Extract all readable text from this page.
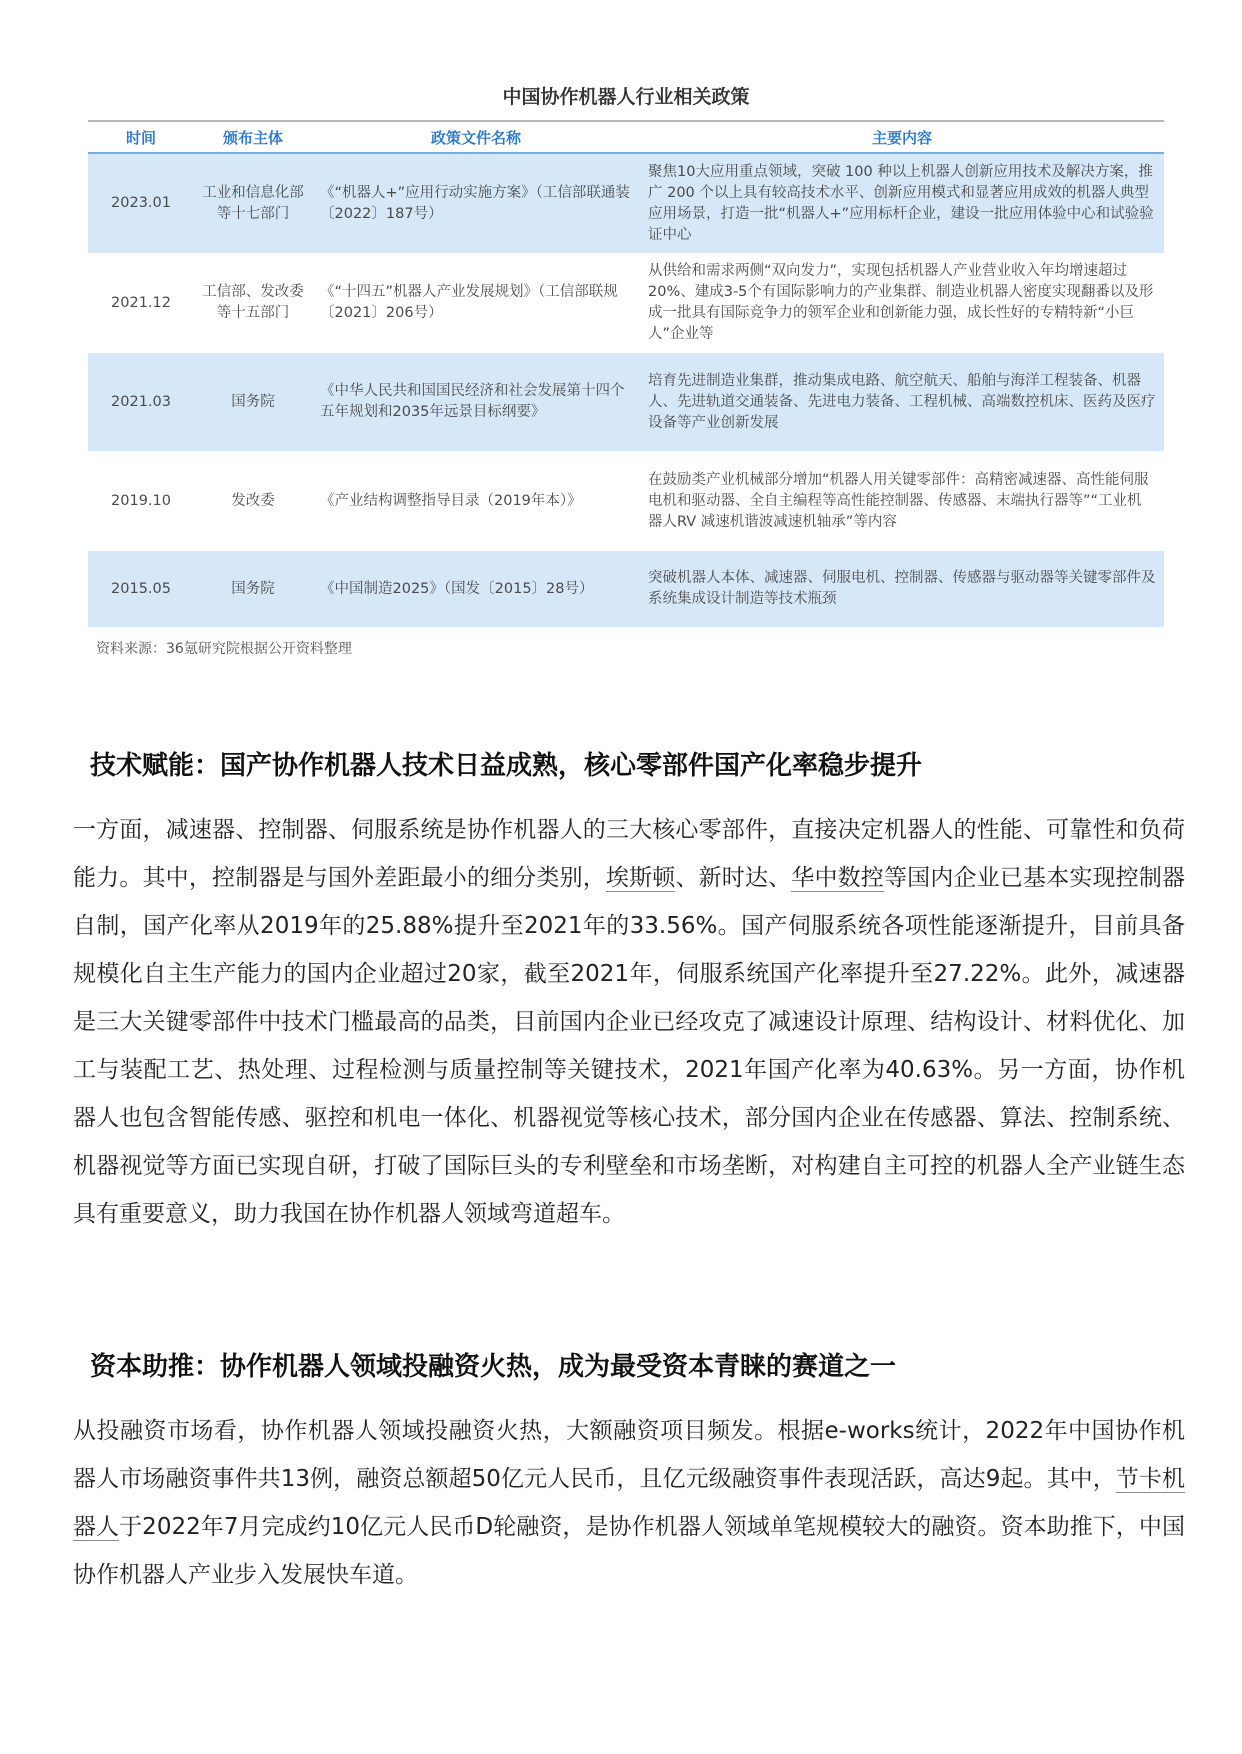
中国协作机器人行业相关政策
时间	颁布主体	政策文件名称	主要内容
2023.01	工业和信息化部等十七部门	《“机器人+”应用行动实施方案》（工信部联通装〔2022〕187号）	聚焦10大应用重点领域，突破 100 种以上机器人创新应用技术及解决方案，推广 200 个以上具有较高技术水平、创新应用模式和显著应用成效的机器人典型应用场景，打造一批“机器人+”应用标杆企业，建设一批应用体验中心和试验验证中心
2021.12	工信部、发改委等十五部门	《“十四五”机器人产业发展规划》（工信部联规〔2021〕206号）	从供给和需求两侧“双向发力”，实现包括机器人产业营业收入年均增速超过20%、建成3-5个有国际影响力的产业集群、制造业机器人密度实现翻番以及形成一批具有国际竞争力的领军企业和创新能力强，成长性好的专精特新“小巨人”企业等
2021.03	国务院	《中华人民共和国国民经济和社会发展第十四个五年规划和2035年远景目标纲要》	培育先进制造业集群，推动集成电路、航空航天、船舶与海洋工程装备、机器人、先进轨道交通装备、先进电力装备、工程机械、高端数控机床、医药及医疗设备等产业创新发展
2019.10	发改委	《产业结构调整指导目录（2019年本）》	在鼓励类产业机械部分增加“机器人用关键零部件：高精密减速器、高性能伺服电机和驱动器、全自主编程等高性能控制器、传感器、末端执行器等”“工业机器人RV 减速机谐波减速机轴承”等内容
2015.05	国务院	《中国制造2025》（国发〔2015〕28号）	突破机器人本体、减速器、伺服电机、控制器、传感器与驱动器等关键零部件及系统集成设计制造等技术瓶颈
资料来源：36氪研究院根据公开资料整理
技术赋能：国产协作机器人技术日益成熟，核心零部件国产化率稳步提升

一方面，减速器、控制器、伺服系统是协作机器人的三大核心零部件，直接决定机器人的性能、可靠性和负荷能力。其中，控制器是与国外差距最小的细分类别，埃斯顿、新时达、华中数控等国内企业已基本实现控制器自制，国产化率从2019年的25.88%提升至2021年的33.56%。国产伺服系统各项性能逐渐提升，目前具备规模化自主生产能力的国内企业超过20家，截至2021年，伺服系统国产化率提升至27.22%。此外，减速器是三大关键零部件中技术门槛最高的品类，目前国内企业已经攻克了减速设计原理、结构设计、材料优化、加工与装配工艺、热处理、过程检测与质量控制等关键技术，2021年国产化率为40.63%。另一方面，协作机器人也包含智能传感、驱控和机电一体化、机器视觉等核心技术，部分国内企业在传感器、算法、控制系统、机器视觉等方面已实现自研，打破了国际巨头的专利壁垒和市场垄断，对构建自主可控的机器人全产业链生态具有重要意义，助力我国在协作机器人领域弯道超车。

资本助推：协作机器人领域投融资火热，成为最受资本青睐的赛道之一

从投融资市场看，协作机器人领域投融资火热，大额融资项目频发。根据e-works统计，2022年中国协作机器人市场融资事件共13例，融资总额超50亿元人民币，且亿元级融资事件表现活跃，高达9起。其中，节卡机器人于2022年7月完成约10亿元人民币D轮融资，是协作机器人领域单笔规模较大的融资。资本助推下，中国协作机器人产业步入发展快车道。
